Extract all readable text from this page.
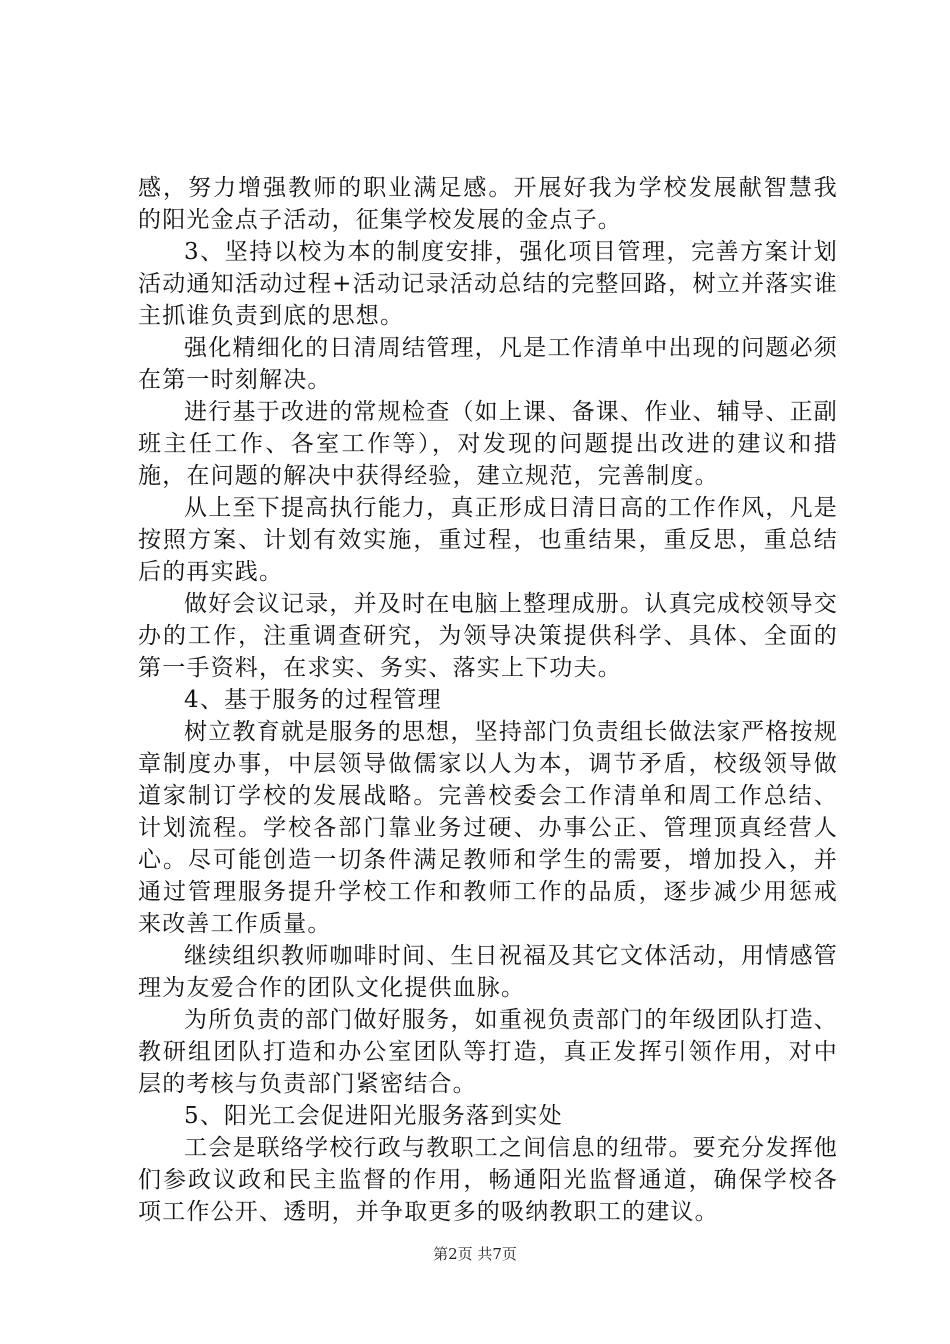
感，努力增强教师的职业满足感。开展好我为学校发展献智慧我的阳光金点子活动，征集学校发展的金点子。

3、坚持以校为本的制度安排，强化项目管理，完善方案计划活动通知活动过程+活动记录活动总结的完整回路，树立并落实谁主抓谁负责到底的思想。

强化精细化的日清周结管理，凡是工作清单中出现的问题必须在第一时刻解决。

进行基于改进的常规检查（如上课、备课、作业、辅导、正副班主任工作、各室工作等），对发现的问题提出改进的建议和措施，在问题的解决中获得经验，建立规范，完善制度。

从上至下提高执行能力，真正形成日清日高的工作作风，凡是按照方案、计划有效实施，重过程，也重结果，重反思，重总结后的再实践。

做好会议记录，并及时在电脑上整理成册。认真完成校领导交办的工作，注重调查研究，为领导决策提供科学、具体、全面的第一手资料，在求实、务实、落实上下功夫。

4、基于服务的过程管理

树立教育就是服务的思想，坚持部门负责组长做法家严格按规章制度办事，中层领导做儒家以人为本，调节矛盾，校级领导做道家制订学校的发展战略。完善校委会工作清单和周工作总结、计划流程。学校各部门靠业务过硬、办事公正、管理顶真经营人心。尽可能创造一切条件满足教师和学生的需要，增加投入，并通过管理服务提升学校工作和教师工作的品质，逐步减少用惩戒来改善工作质量。

继续组织教师咖啡时间、生日祝福及其它文体活动，用情感管理为友爱合作的团队文化提供血脉。

为所负责的部门做好服务，如重视负责部门的年级团队打造、教研组团队打造和办公室团队等打造，真正发挥引领作用，对中层的考核与负责部门紧密结合。

5、阳光工会促进阳光服务落到实处

工会是联络学校行政与教职工之间信息的纽带。要充分发挥他们参政议政和民主监督的作用，畅通阳光监督通道，确保学校各项工作公开、透明，并争取更多的吸纳教职工的建议。

第2页 共7页
